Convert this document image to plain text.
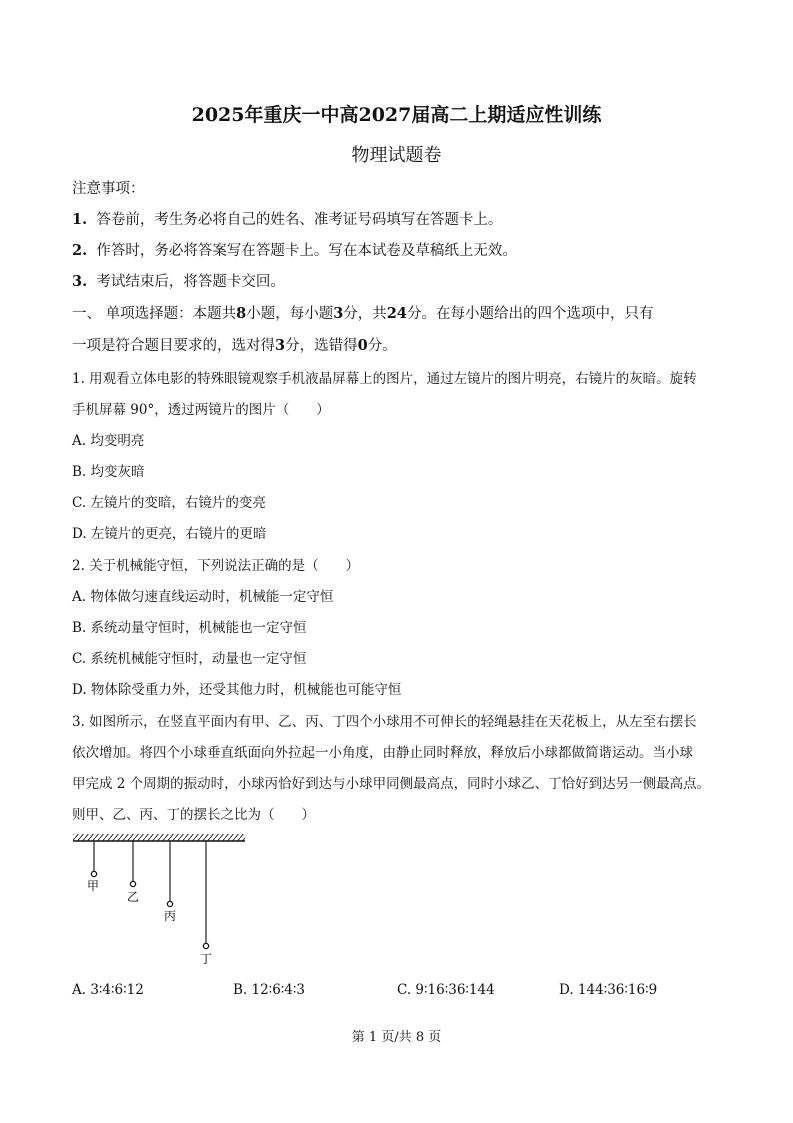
2025年重庆一中高2027届高二上期适应性训练
物理试题卷
注意事项：
1. 答卷前，考生务必将自己的姓名、准考证号码填写在答题卡上。
2. 作答时，务必将答案写在答题卡上。写在本试卷及草稿纸上无效。
3. 考试结束后，将答题卡交回。
一、 单项选择题：本题共8小题，每小题3分，共24分。在每小题给出的四个选项中，只有
一项是符合题目要求的，选对得3分，选错得0分。
1. 用观看立体电影的特殊眼镜观察手机液晶屏幕上的图片，通过左镜片的图片明亮，右镜片的灰暗。旋转
手机屏幕 90°，透过两镜片的图片（　　）
A. 均变明亮
B. 均变灰暗
C. 左镜片的变暗，右镜片的变亮
D. 左镜片的更亮，右镜片的更暗
2. 关于机械能守恒，下列说法正确的是（　　）
A. 物体做匀速直线运动时，机械能一定守恒
B. 系统动量守恒时，机械能也一定守恒
C. 系统机械能守恒时，动量也一定守恒
D. 物体除受重力外，还受其他力时，机械能也可能守恒
3. 如图所示，在竖直平面内有甲、乙、丙、丁四个小球用不可伸长的轻绳悬挂在天花板上，从左至右摆长
依次增加。将四个小球垂直纸面向外拉起一小角度，由静止同时释放，释放后小球都做简谐运动。当小球
甲完成 2 个周期的振动时，小球丙恰好到达与小球甲同侧最高点，同时小球乙、丁恰好到达另一侧最高点。
则甲、乙、丙、丁的摆长之比为（　　）
甲
乙
丙
丁
A. 3∶4∶6∶12	B. 12∶6∶4∶3	C. 9∶16∶36∶144	D. 144∶36∶16∶9
第 1 页/共 8 页
